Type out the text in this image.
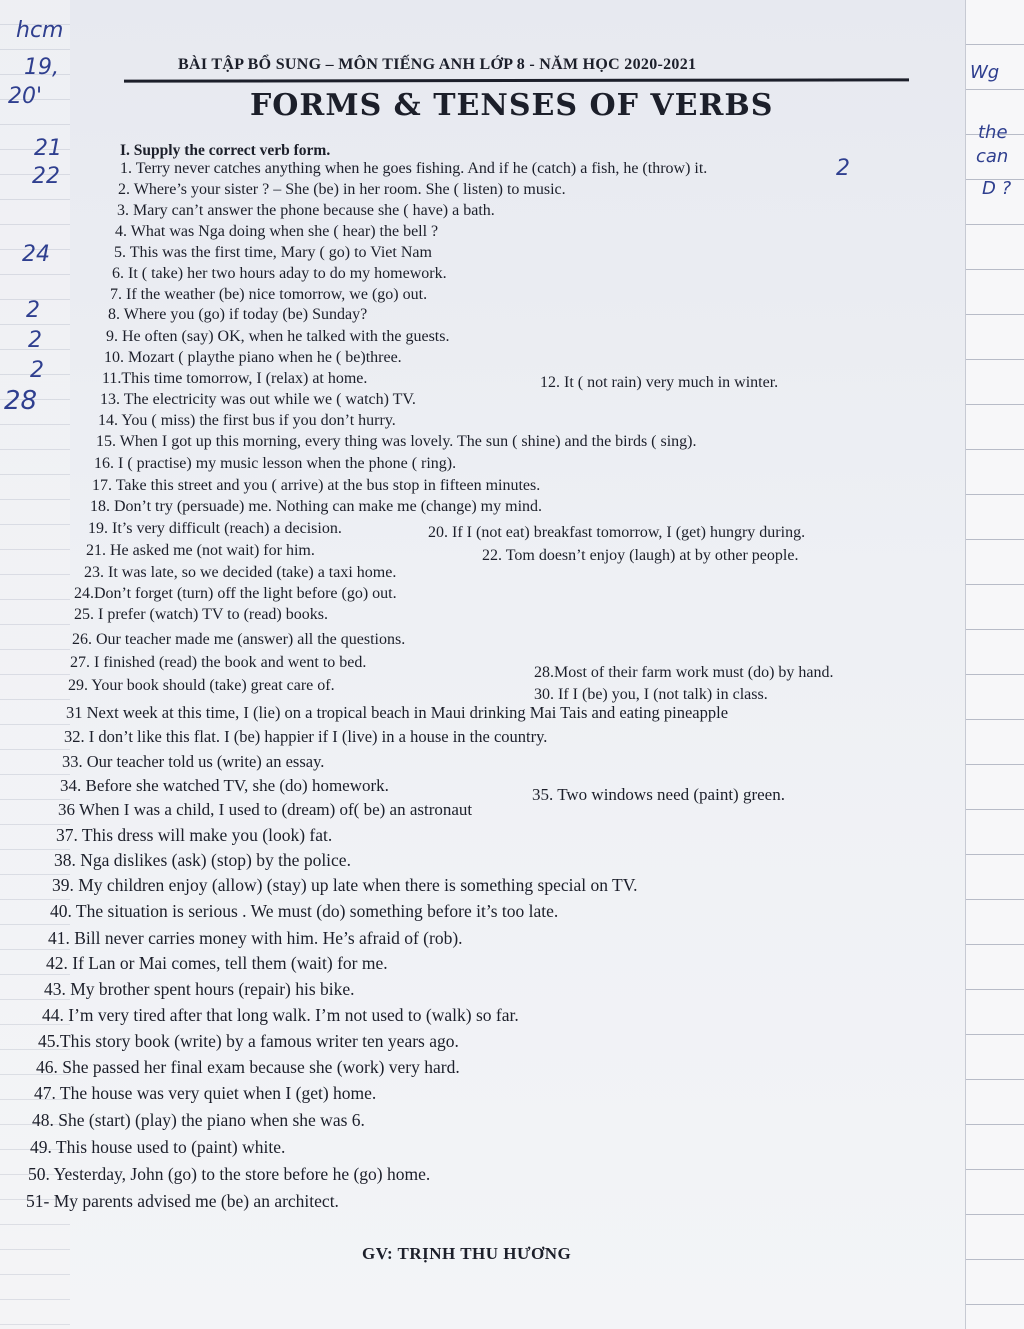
hcm
19,
20'
21
22
24
2
2
2
28
Wg
the
can
D ?
2
BÀI TẬP BỔ SUNG – MÔN TIẾNG ANH LỚP 8 - NĂM HỌC 2020-2021
FORMS & TENSES OF VERBS
I. Supply the correct verb form.
1. Terry never catches anything when he goes fishing. And if he (catch) a fish, he (throw) it.
2. Where’s your sister ? – She (be) in her room. She ( listen) to music.
3. Mary can’t answer the phone because she ( have) a bath.
4. What was Nga doing when she ( hear) the bell ?
5. This was the first time, Mary ( go) to Viet Nam
6. It ( take) her two hours aday to do my homework.
7. If the weather (be) nice tomorrow, we (go) out.
8. Where you (go) if today (be) Sunday?
9. He often (say) OK, when he talked with the guests.
10. Mozart ( playthe piano when he ( be)three.
11.This time tomorrow, I (relax) at home.	12. It ( not rain) very much in winter.
13. The electricity was out while we ( watch) TV.
14. You ( miss) the first bus if you don’t hurry.
15. When I got up this morning, every thing was lovely. The sun ( shine) and the birds ( sing).
16. I ( practise) my music lesson when the phone ( ring).
17. Take this street and you ( arrive) at the bus stop in fifteen minutes.
18. Don’t try (persuade) me. Nothing can make me (change) my mind.
19. It’s very difficult (reach) a decision.	20. If I (not eat) breakfast tomorrow, I (get) hungry during.
21. He asked me (not wait) for him.	22. Tom doesn’t enjoy (laugh) at by other people.
23. It was late, so we decided (take) a taxi home.
24.Don’t forget (turn) off the light before (go) out.
25. I prefer (watch) TV to (read) books.
26. Our teacher made me (answer) all the questions.
27. I finished (read) the book and went to bed.
28.Most of their farm work must (do) by hand.
29. Your book should (take) great care of.
30. If I (be) you, I (not talk) in class.
31 Next week at this time, I (lie) on a tropical beach in Maui drinking Mai Tais and eating pineapple
32. I don’t like this flat. I (be) happier if I (live) in a house in the country.
33. Our teacher told us (write) an essay.
34. Before she watched TV, she (do) homework.	35. Two windows need (paint) green.
36 When I was a child, I used to (dream) of( be) an astronaut
37. This dress will make you (look) fat.
38. Nga dislikes (ask) (stop) by the police.
39. My children enjoy (allow) (stay) up late when there is something special on TV.
40. The situation is serious . We must (do) something before it’s too late.
41. Bill never carries money with him. He’s afraid of (rob).
42. If Lan or Mai comes, tell them (wait) for me.
43. My brother spent hours (repair) his bike.
44. I’m very tired after that long walk. I’m not used to (walk) so far.
45.This story book (write) by a famous writer ten years ago.
46. She passed her final exam because she (work) very hard.
47. The house was very quiet when I (get) home.
48. She (start) (play) the piano when she was 6.
49. This house used to (paint) white.
50. Yesterday, John (go) to the store before he (go) home.
51- My parents advised me (be) an architect.
GV: TRỊNH THU HƯƠNG
